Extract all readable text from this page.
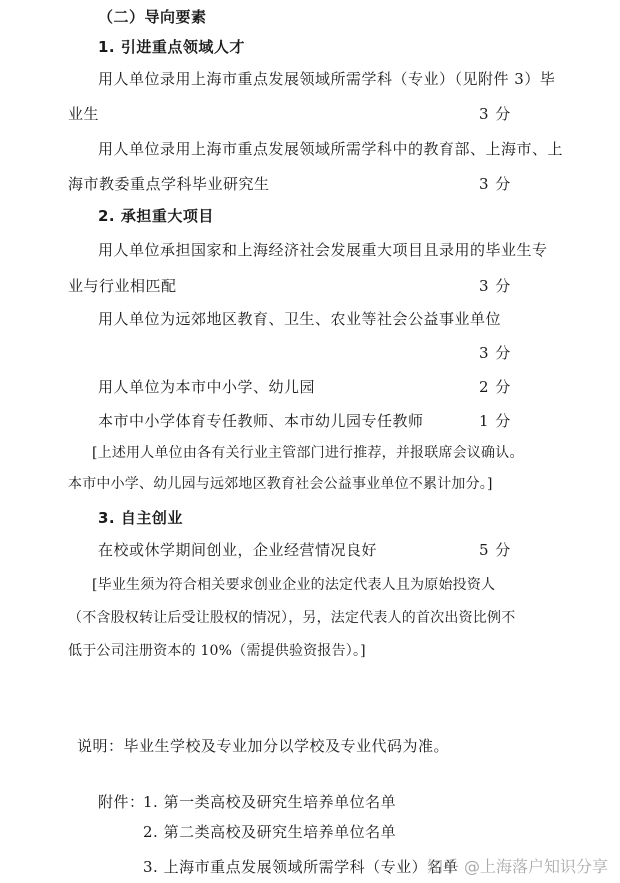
（二）导向要素
1. 引进重点领域人才
用人单位录用上海市重点发展领域所需学科（专业）（见附件 3）毕
业生	3 分
用人单位录用上海市重点发展领域所需学科中的教育部、上海市、上
海市教委重点学科毕业研究生	3 分
2. 承担重大项目
用人单位承担国家和上海经济社会发展重大项目且录用的毕业生专
业与行业相匹配	3 分
用人单位为远郊地区教育、卫生、农业等社会公益事业单位
3 分
用人单位为本市中小学、幼儿园	2 分
本市中小学体育专任教师、本市幼儿园专任教师	1 分
[上述用人单位由各有关行业主管部门进行推荐，并报联席会议确认。
本市中小学、幼儿园与远郊地区教育社会公益事业单位不累计加分。]
3. 自主创业
在校或休学期间创业，企业经营情况良好	5 分
[毕业生须为符合相关要求创业企业的法定代表人且为原始投资人
（不含股权转让后受让股权的情况），另，法定代表人的首次出资比例不
低于公司注册资本的 10%（需提供验资报告）。]
说明：毕业生学校及专业加分以学校及专业代码为准。
附件：
1. 第一类高校及研究生培养单位名单
2. 第二类高校及研究生培养单位名单
3. 上海市重点发展领域所需学科（专业）名单
知乎 @上海落户知识分享
